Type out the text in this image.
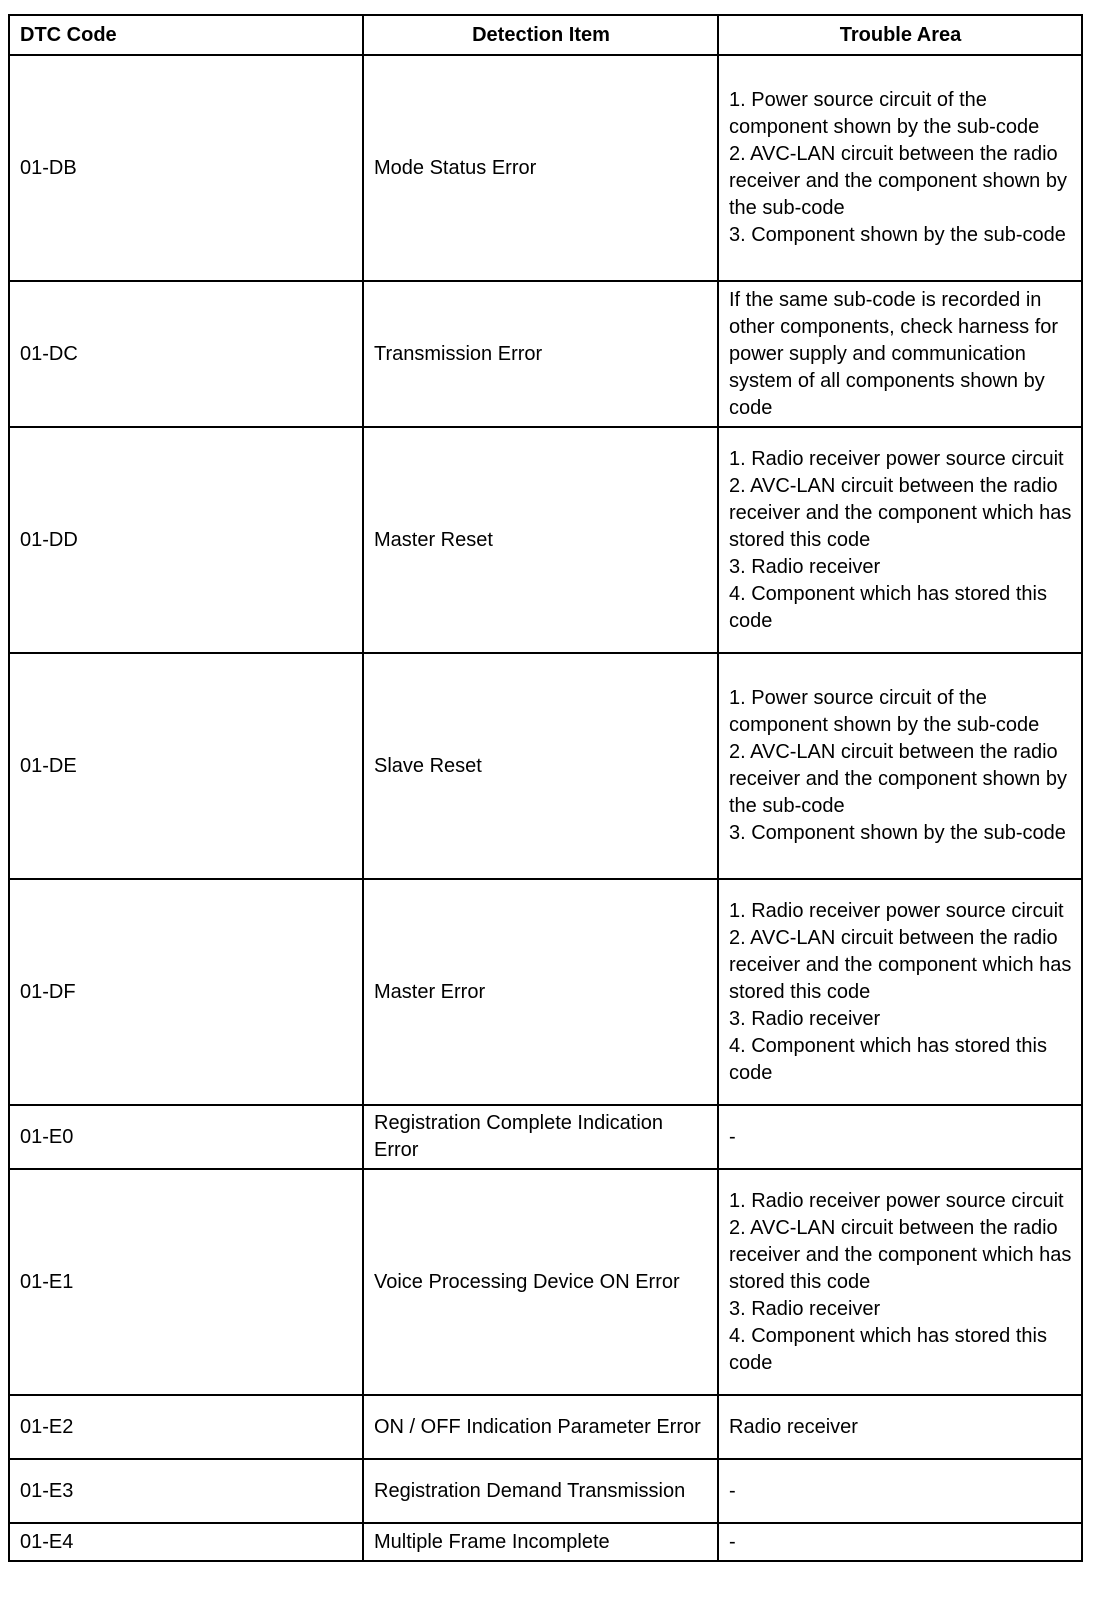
DTC Code	Detection Item	Trouble Area
01-DB	Mode Status Error	1. Power source circuit of the component shown by the sub-code
2. AVC-LAN circuit between the radio receiver and the component shown by the sub-code
3. Component shown by the sub-code

01-DC	Transmission Error	If the same sub-code is recorded in other components, check harness for power supply and communication system of all components shown by code

01-DD	Master Reset	1. Radio receiver power source circuit
2. AVC-LAN circuit between the radio receiver and the component which has stored this code
3. Radio receiver
4. Component which has stored this code

01-DE	Slave Reset	1. Power source circuit of the component shown by the sub-code
2. AVC-LAN circuit between the radio receiver and the component shown by the sub-code
3. Component shown by the sub-code

01-DF	Master Error	1. Radio receiver power source circuit
2. AVC-LAN circuit between the radio receiver and the component which has stored this code
3. Radio receiver
4. Component which has stored this code

01-E0	Registration Complete Indication Error	-

01-E1	Voice Processing Device ON Error	1. Radio receiver power source circuit
2. AVC-LAN circuit between the radio receiver and the component which has stored this code
3. Radio receiver
4. Component which has stored this code

01-E2	ON / OFF Indication Parameter Error	Radio receiver

01-E3	Registration Demand Transmission	-

01-E4	Multiple Frame Incomplete	-
